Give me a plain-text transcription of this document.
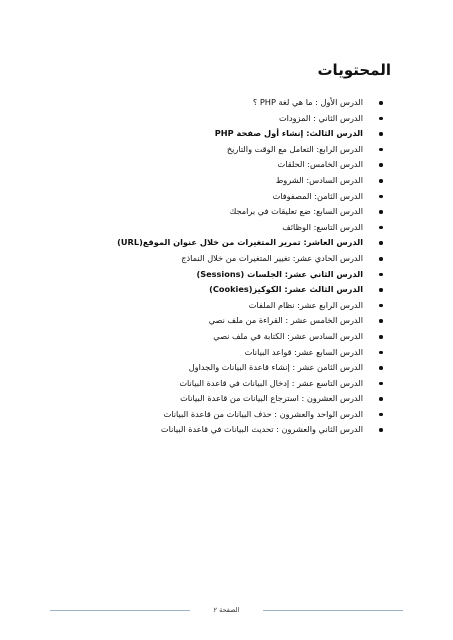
المحتويات
الدرس الأول : ما هي لغة PHP ؟
الدرس الثاني : المزودات
الدرس الثالث: إنشاء أول صفحة PHP
الدرس الرابع: التعامل مع الوقت والتاريخ
الدرس الخامس: الحلقات
الدرس السادس: الشروط
الدرس الثامن: المصفوفات
الدرس السابع: ضع تعليقات في برامجك
الدرس التاسع: الوظائف
الدرس العاشر: تمرير المتغيرات من خلال عنوان الموقع(URL)
الدرس الحادي عشر: تغيير المتغيرات من خلال النماذج
الدرس الثاني عشر: الجلسات (Sessions)
الدرس الثالث عشر: الكوكيز(Cookies)
الدرس الرابع عشر: نظام الملفات
الدرس الخامس عشر : القراءة من ملف نصي
الدرس السادس عشر: الكتابة في ملف نصي
الدرس السابع عشر: قواعد البيانات
الدرس الثامن عشر : إنشاء قاعدة البيانات والجداول
الدرس التاسع عشر : إدخال البيانات في قاعدة البيانات
الدرس العشرون : استرجاع البيانات من قاعدة البيانات
الدرس الواحد والعشرون : حذف البيانات من قاعدة البيانات
الدرس الثاني والعشرون : تحديث البيانات في قاعدة البيانات
الصفحة ٢
